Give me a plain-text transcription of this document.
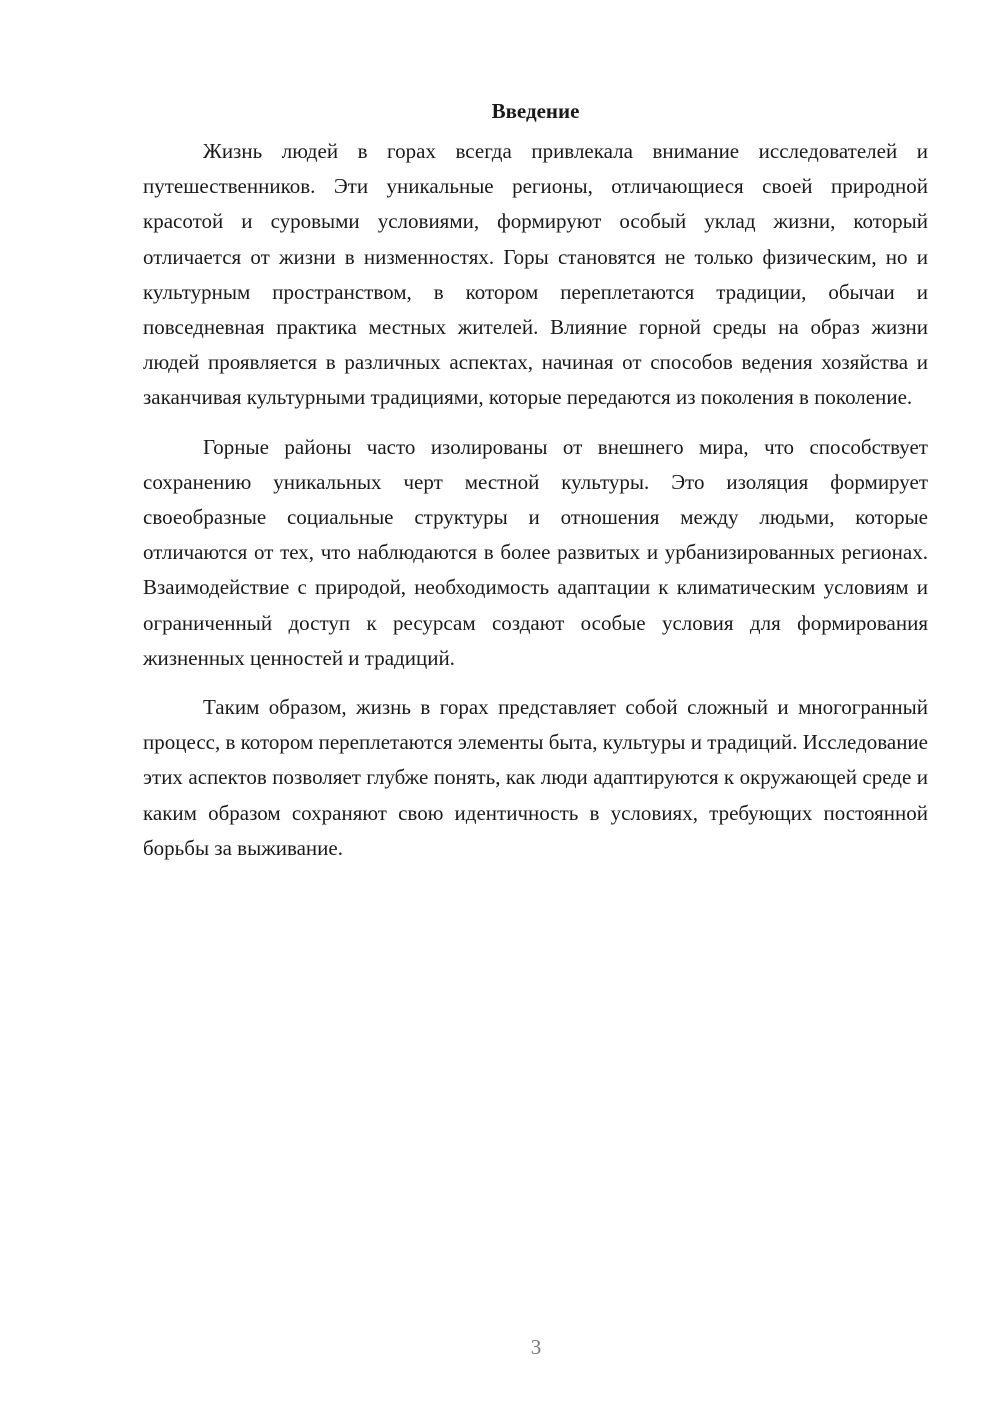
Введение

Жизнь людей в горах всегда привлекала внимание исследователей и путешественников. Эти уникальные регионы, отличающиеся своей природной красотой и суровыми условиями, формируют особый уклад жизни, который отличается от жизни в низменностях. Горы становятся не только физическим, но и культурным пространством, в котором переплетаются традиции, обычаи и повседневная практика местных жителей. Влияние горной среды на образ жизни людей проявляется в различных аспектах, начиная от способов ведения хозяйства и заканчивая культурными традициями, которые передаются из поколения в поколение.

Горные районы часто изолированы от внешнего мира, что способствует сохранению уникальных черт местной культуры. Это изоляция формирует своеобразные социальные структуры и отношения между людьми, которые отличаются от тех, что наблюдаются в более развитых и урбанизированных регионах. Взаимодействие с природой, необходимость адаптации к климатическим условиям и ограниченный доступ к ресурсам создают особые условия для формирования жизненных ценностей и традиций.

Таким образом, жизнь в горах представляет собой сложный и многогранный процесс, в котором переплетаются элементы быта, культуры и традиций. Исследование этих аспектов позволяет глубже понять, как люди адаптируются к окружающей среде и каким образом сохраняют свою идентичность в условиях, требующих постоянной борьбы за выживание.

3
